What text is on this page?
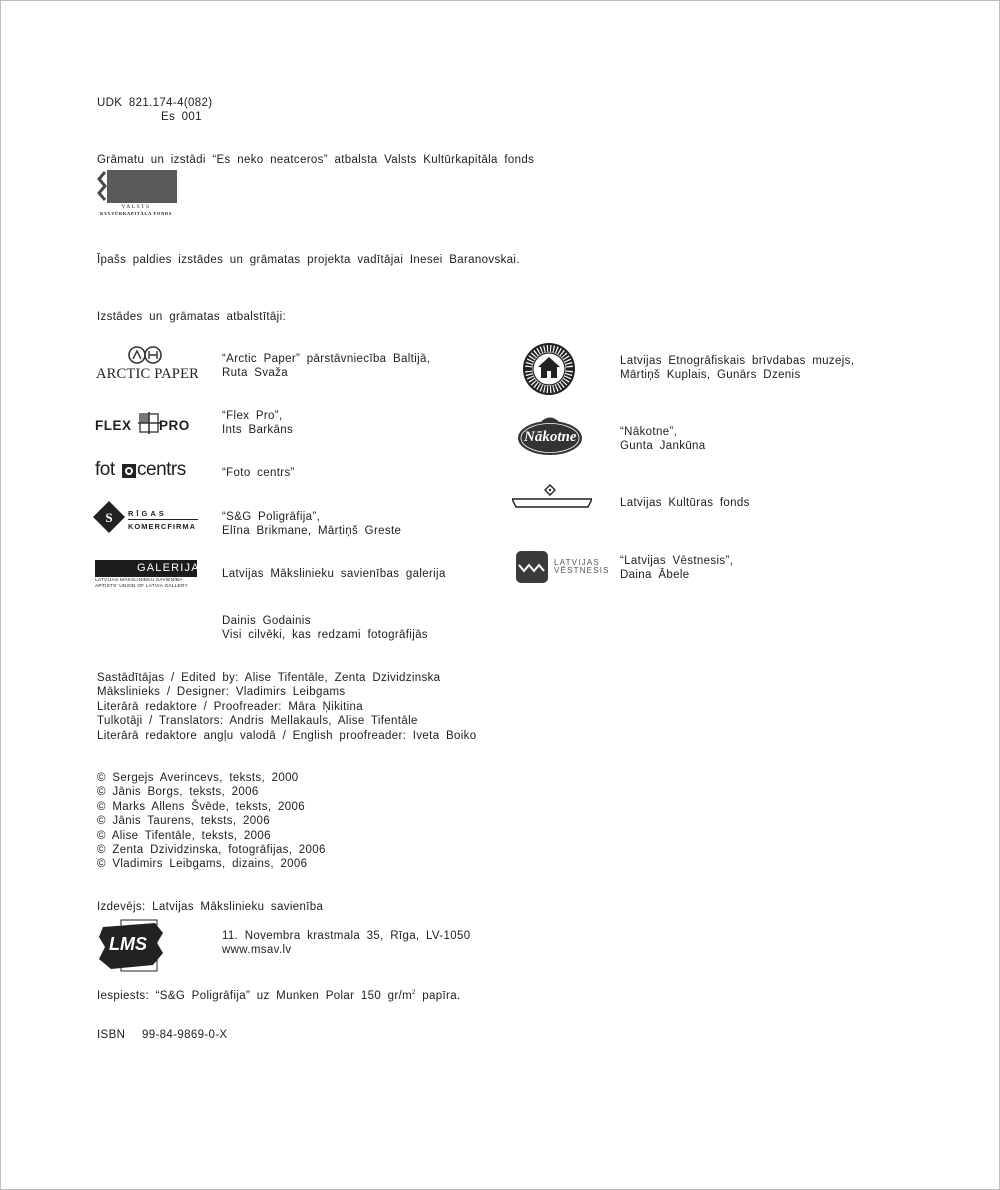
UDK 821.174-4(082)
Es 001
Grāmatu un izstādi “Es neko neatceros” atbalsta Valsts Kultūrkapitāla fonds
VALSTS
KULTŪRKAPITĀLA FONDS
Īpašs paldies izstādes un grāmatas projekta vadītājai Inesei Baranovskai.
Izstādes un grāmatas atbalstītāji:
ARCTIC PAPER
“Arctic Paper” pārstāvniecība Baltijā,
Ruta Svaža
FLEX PRO
“Flex Pro”,
Ints Barkāns
fot centrs	“Foto centrs”
S RĪGAS
KOMERCFIRMA
“S&G Poligrāfija”,
Elīna Brikmane, Mārtiņš Greste
GALERIJA
LATVIJAS MĀKSLINIEKU SAVIENĪBA
ARTISTS' UNION OF LATVIA GALLERY
Latvijas Mākslinieku savienības galerija
Dainis Godainis
Visi cilvēki, kas redzami fotogrāfijās
Latvijas Etnogrāfiskais brīvdabas muzejs,
Mārtiņš Kuplais, Gunārs Dzenis
Nākotne	“Nākotne”,
Gunta Jankūna
Latvijas Kultūras fonds
LATVIJAS
VĒSTNESIS
“Latvijas Vēstnesis”,
Daina Ābele
Sastādītājas / Edited by: Alise Tifentāle, Zenta Dzividzinska
Mākslinieks / Designer: Vladimirs Leibgams
Literārā redaktore / Proofreader: Māra Ņikitina
Tulkotāji / Translators: Andris Mellakauls, Alise Tifentāle
Literārā redaktore angļu valodā / English proofreader: Iveta Boiko
© Sergejs Averincevs, teksts, 2000
© Jānis Borgs, teksts, 2006
© Marks Allens Švēde, teksts, 2006
© Jānis Taurens, teksts, 2006
© Alise Tifentāle, teksts, 2006
© Zenta Dzividzinska, fotogrāfijas, 2006
© Vladimirs Leibgams, dizains, 2006
Izdevējs: Latvijas Mākslinieku savienība
LMS	11. Novembra krastmala 35, Rīga, LV-1050
www.msav.lv
Iespiests: “S&G Poligrāfija” uz Munken Polar 150 $gr/m^2$ papīra.
ISBN 99-84-9869-0-X
